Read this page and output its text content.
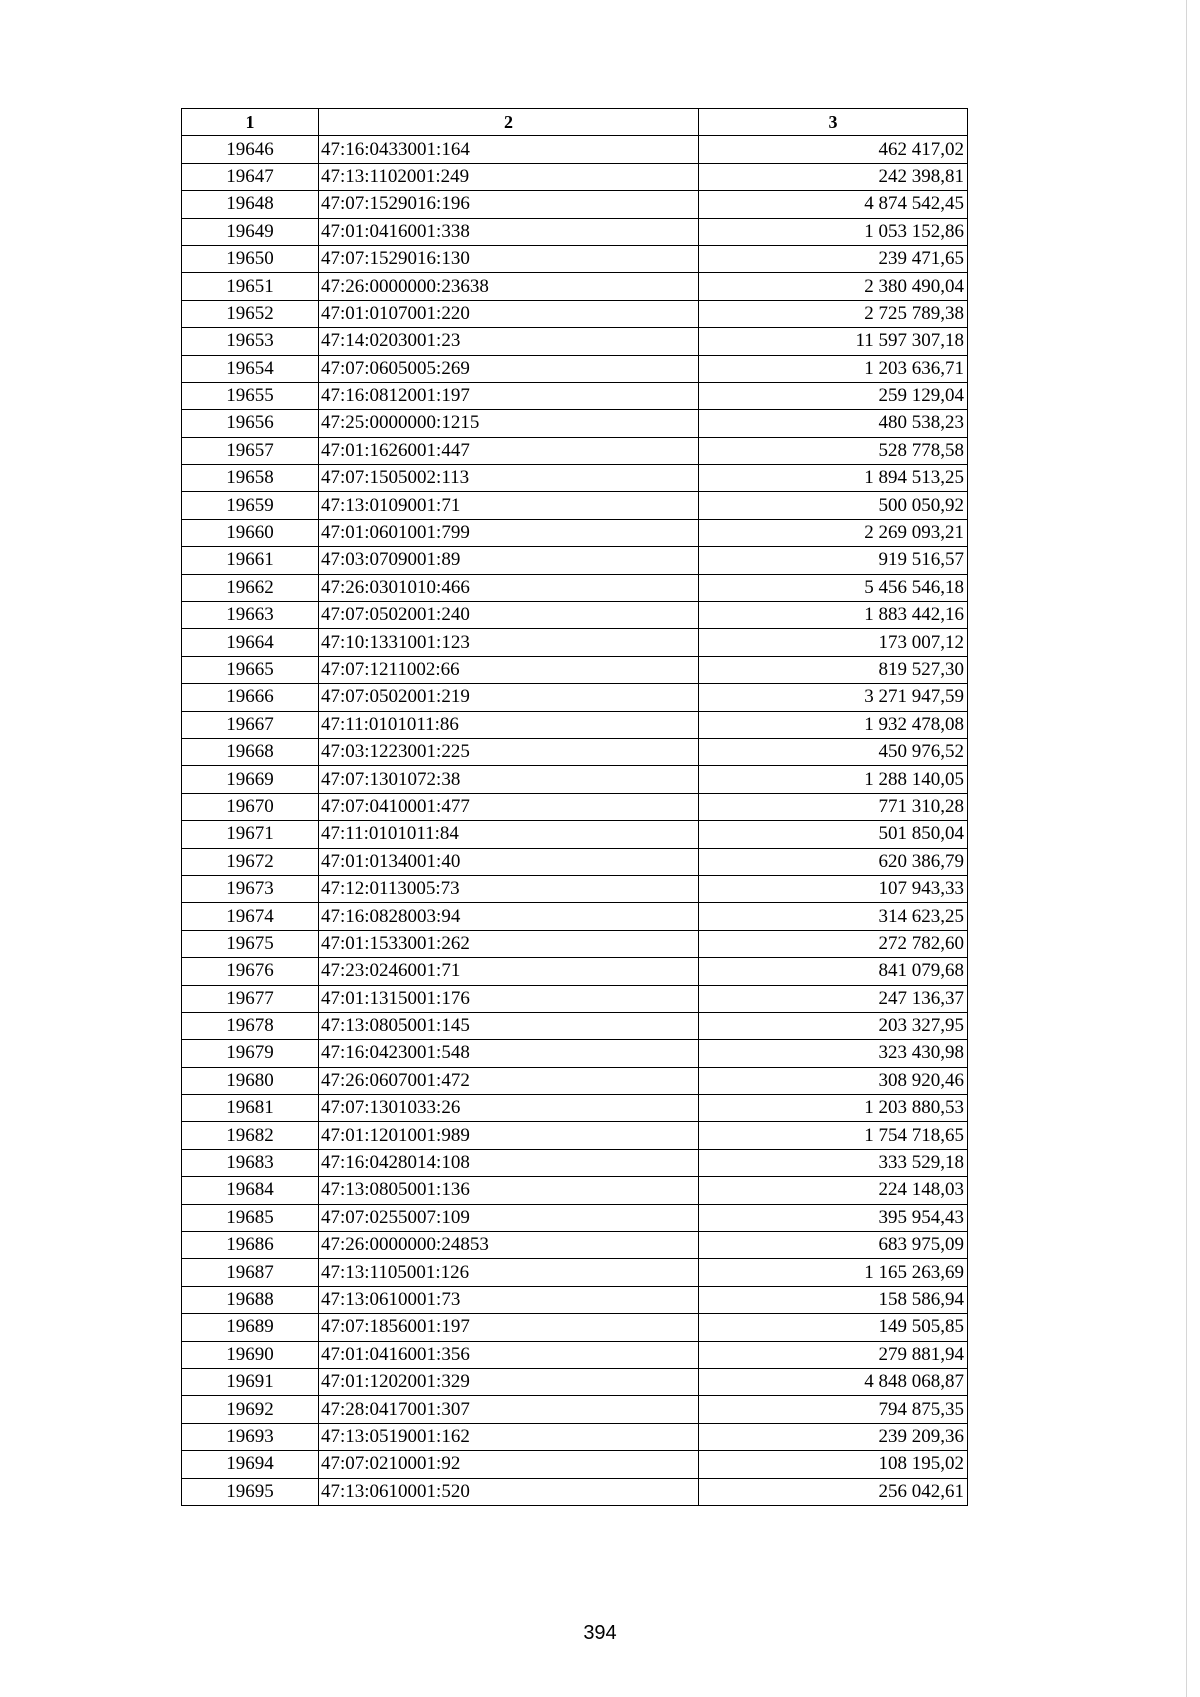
1	2	3
19646	47:16:0433001:164	462 417,02
19647	47:13:1102001:249	242 398,81
19648	47:07:1529016:196	4 874 542,45
19649	47:01:0416001:338	1 053 152,86
19650	47:07:1529016:130	239 471,65
19651	47:26:0000000:23638	2 380 490,04
19652	47:01:0107001:220	2 725 789,38
19653	47:14:0203001:23	11 597 307,18
19654	47:07:0605005:269	1 203 636,71
19655	47:16:0812001:197	259 129,04
19656	47:25:0000000:1215	480 538,23
19657	47:01:1626001:447	528 778,58
19658	47:07:1505002:113	1 894 513,25
19659	47:13:0109001:71	500 050,92
19660	47:01:0601001:799	2 269 093,21
19661	47:03:0709001:89	919 516,57
19662	47:26:0301010:466	5 456 546,18
19663	47:07:0502001:240	1 883 442,16
19664	47:10:1331001:123	173 007,12
19665	47:07:1211002:66	819 527,30
19666	47:07:0502001:219	3 271 947,59
19667	47:11:0101011:86	1 932 478,08
19668	47:03:1223001:225	450 976,52
19669	47:07:1301072:38	1 288 140,05
19670	47:07:0410001:477	771 310,28
19671	47:11:0101011:84	501 850,04
19672	47:01:0134001:40	620 386,79
19673	47:12:0113005:73	107 943,33
19674	47:16:0828003:94	314 623,25
19675	47:01:1533001:262	272 782,60
19676	47:23:0246001:71	841 079,68
19677	47:01:1315001:176	247 136,37
19678	47:13:0805001:145	203 327,95
19679	47:16:0423001:548	323 430,98
19680	47:26:0607001:472	308 920,46
19681	47:07:1301033:26	1 203 880,53
19682	47:01:1201001:989	1 754 718,65
19683	47:16:0428014:108	333 529,18
19684	47:13:0805001:136	224 148,03
19685	47:07:0255007:109	395 954,43
19686	47:26:0000000:24853	683 975,09
19687	47:13:1105001:126	1 165 263,69
19688	47:13:0610001:73	158 586,94
19689	47:07:1856001:197	149 505,85
19690	47:01:0416001:356	279 881,94
19691	47:01:1202001:329	4 848 068,87
19692	47:28:0417001:307	794 875,35
19693	47:13:0519001:162	239 209,36
19694	47:07:0210001:92	108 195,02
19695	47:13:0610001:520	256 042,61
394
